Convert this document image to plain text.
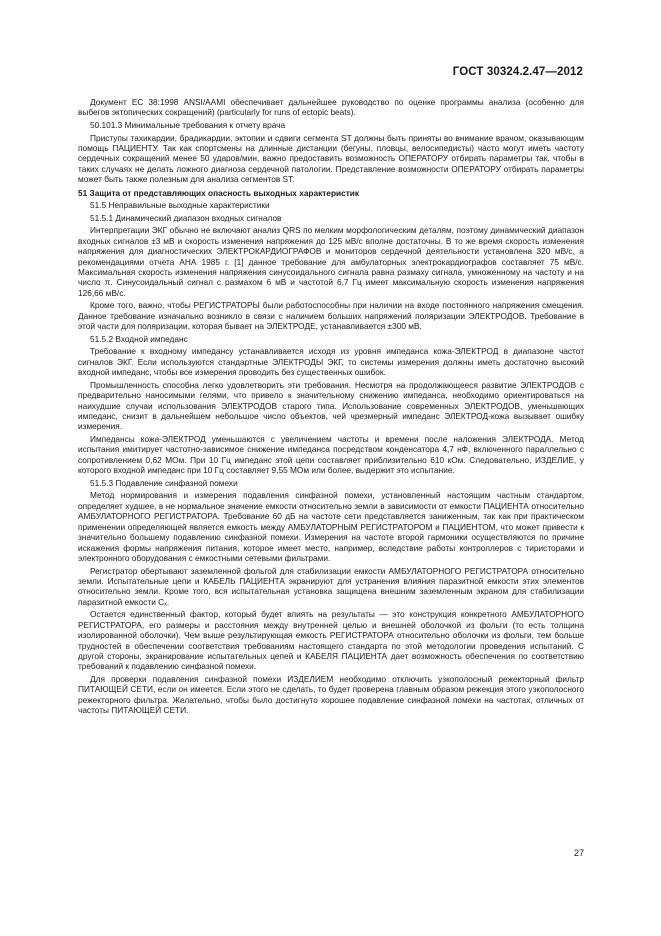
ГОСТ 30324.2.47—2012

Документ ЕС 38:1998 ANSI/AAMI обеспечивает дальнейшее руководство по оценке программы анализа (особенно для выбегов эктопических сокращений) (particularly for runs of ectopic beats).

50.101.3 Минимальные требования к отчету врача

Приступы тахикардии, брадикардии, эктопии и сдвиги сегмента ST должны быть приняты во внимание врачом, оказывающим помощь ПАЦИЕНТУ. Так как спортсмены на длинные дистанции (бегуны, пловцы, велосипедисты) часто могут иметь частоту сердечных сокращений менее 50 ударов/мин, важно предоставить возможность ОПЕРАТОРУ отбирать параметры так, чтобы в таких случаях не делать ложного диагноза сердечной патологии. Представление возможности ОПЕРАТОРУ отбирать параметры может быть также полезным для анализа сегментов ST.

51 Защита от представляющих опасность выходных характеристик

51.5 Неправильные выходные характеристики

51.5.1 Динамический диапазон входных сигналов

Интерпретации ЭКГ обычно не включают анализ QRS по мелким морфологическим деталям, поэтому динамический диапазон входных сигналов ±3 мВ и скорость изменения напряжения до 125 мВ/с вполне достаточны. В то же время скорость изменения напряжения для диагностических ЭЛЕКТРОКАРДИОГРАФОВ и мониторов сердечной деятельности установлена 320 мВ/с, а рекомендациями отчета АНА 1985 г. [1] данное требование для амбулаторных электрокардиографов составляет 75 мВ/с. Максимальная скорость изменения напряжения синусоидального сигнала равна размаху сигнала, умноженному на частоту и на число π. Синусоидальный сигнал с размахом 6 мВ и частотой 6,7 Гц имеет максимальную скорость изменения напряжения 126,66 мВ/с.

Кроме того, важно, чтобы РЕГИСТРАТОРЫ были работоспособны при наличии на входе постоянного напряжения смещения. Данное требование изначально возникло в связи с наличием больших напряжений поляризации ЭЛЕКТРОДОВ. Требование в этой части для поляризации, которая бывает на ЭЛЕКТРОДЕ, устанавливается ±300 мВ.

51.5.2 Входной импеданс

Требование к входному импедансу устанавливается исходя из уровня импеданса кожа-ЭЛЕКТРОД в диапазоне частот сигналов ЭКГ. Если используются стандартные ЭЛЕКТРОДЫ ЭКГ, то системы измерения должны иметь достаточно высокий входной импеданс, чтобы все измерения проводить без существенных ошибок.

Промышленность способна легко удовлетворить эти требования. Несмотря на продолжающееся развитие ЭЛЕКТРОДОВ с предварительно наносимыми гелями, что привело к значительному снижению импеданса, необходимо ориентироваться на наихудшие случаи использования ЭЛЕКТРОДОВ старого типа. Использование современных ЭЛЕКТРОДОВ, уменьшающих импеданс, снизит в дальнейшем небольшое число объектов, чей чрезмерный импеданс ЭЛЕКТРОД-кожа вызывает ошибку измерения.

Импедансы кожа-ЭЛЕКТРОД уменьшаются с увеличением частоты и времени после наложения ЭЛЕКТРОДА. Метод испытания имитирует частотно-зависимое снижение импеданса посредством конденсатора 4,7 нФ, включенного параллельно с сопротивлением 0,62 МОм. При 10 Гц импеданс этой цепи составляет приблизительно 610 кОм. Следовательно, ИЗДЕЛИЕ, у которого входной импеданс при 10 Гц составляет 9,55 МОм или более, выдержит это испытание.

51.5.3 Подавление синфазной помехи

Метод нормирования и измерения подавления синфазной помехи, установленный настоящим частным стандартом, определяет худшее, в не нормальное значение емкости относительно земли в зависимости от емкости ПАЦИЕНТА относительно АМБУЛАТОРНОГО РЕГИСТРАТОРА. Требование 60 дБ на частоте сети представляется заниженным, так как при практическом применении определяющей является емкость между АМБУЛАТОРНЫМ РЕГИСТРАТОРОМ и ПАЦИЕНТОМ, что может привести к значительно большему подавлению синфазной помехи. Измерения на частоте второй гармоники осуществляются по причине искажения формы напряжения питания, которое имеет место, например, вследствие работы контроллеров с тиристорами и электронного оборудования с емкостными сетевыми фильтрами.

Регистратор обертывают заземленной фольгой для стабилизации емкости АМБУЛАТОРНОГО РЕГИСТРАТОРА относительно земли. Испытательные цепи и КАБЕЛЬ ПАЦИЕНТА экранируют для устранения влияния паразитной емкости этих элементов относительно земли. Кроме того, вся испытательная установка защищена внешним заземленным экраном для стабилизации паразитной емкости Cₓ.

Остается единственный фактор, который будет влиять на результаты — это конструкция конкретного АМБУЛАТОРНОГО РЕГИСТРАТОРА, его размеры и расстояния между внутренней целью и внешней оболочкой из фольги (то есть толщина изолированной оболочки). Чем выше результирующая емкость РЕГИСТРАТОРА относительно оболочки из фольги, тем больше трудностей в обеспечении соответствия требованиям настоящего стандарта по этой методологии проведения испытаний. С другой стороны, экранирование испытательных цепей и КАБЕЛЯ ПАЦИЕНТА дает возможность обеспечения по соответствию требований к подавлению синфазной помехи.

Для проверки подавления синфазной помехи ИЗДЕЛИЕМ необходимо отключить узкополосный режекторный фильтр ПИТАЮЩЕЙ СЕТИ, если он имеется. Если этого не сделать, то будет проверена главным образом режекция этого узкополосного режекторного фильтра. Желательно, чтобы было достигнуто хорошее подавление синфазной помехи на частотах, отличных от частоты ПИТАЮЩЕЙ СЕТИ.

27
